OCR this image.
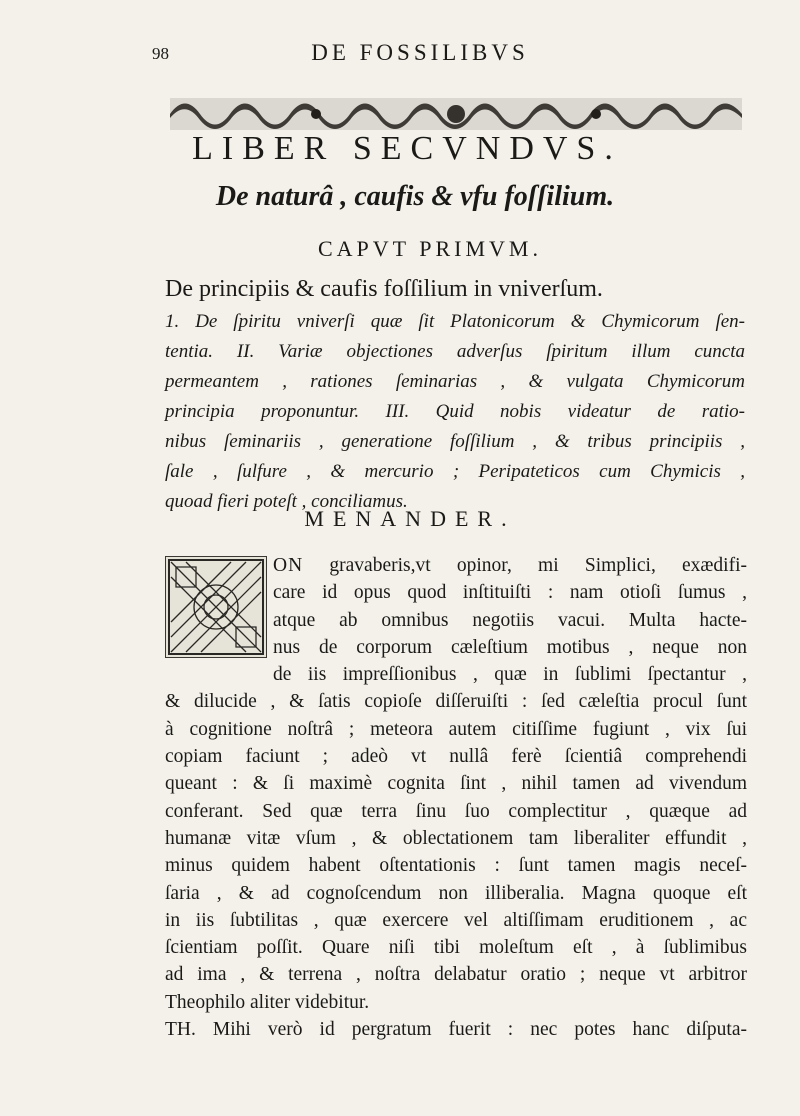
98	DE FOSSILIBVS
LIBER SECVNDVS.
De naturâ , caufis & vfu foſſilium.
CAPVT PRIMVM.
De principiis & caufis foſſilium in vniverſum.

1. De ſpiritu vniverſi quæ ſit Platonicorum & Chymicorum ſen-

tentia. II. Variæ objectiones adverſus ſpiritum illum cuncta

permeantem , rationes ſeminarias , & vulgata Chymicorum

principia proponuntur. III. Quid nobis videatur de ratio-

nibus ſeminariis , generatione foſſilium , & tribus principiis ,

ſale , ſulfure , & mercurio ; Peripateticos cum Chymicis ,

quoad fieri poteſt , conciliamus.

MENANDER.
ON gravaberis,vt opinor, mi Simplici, exædifi-
care id opus quod inſtituiſti : nam otioſi ſumus ,
atque ab omnibus negotiis vacui. Multa hacte-
nus de corporum cæleſtium motibus , neque non
de iis impreſſionibus , quæ in ſublimi ſpectantur ,
& dilucide , & ſatis copioſe diſſeruiſti : ſed cæleſtia procul ſunt
à cognitione noſtrâ ; meteora autem citiſſime fugiunt , vix ſui
copiam faciunt ; adeò vt nullâ ferè ſcientiâ comprehendi
queant : & ſi maximè cognita ſint , nihil tamen ad vivendum
conferant. Sed quæ terra ſinu ſuo complectitur , quæque ad
humanæ vitæ vſum , & oblectationem tam liberaliter effundit ,
minus quidem habent oſtentationis : ſunt tamen magis neceſ-
ſaria , & ad cognoſcendum non illiberalia. Magna quoque eſt
in iis ſubtilitas , quæ exercere vel altiſſimam eruditionem , ac
ſcientiam poſſit. Quare niſi tibi moleſtum eſt , à ſublimibus
ad ima , & terrena , noſtra delabatur oratio ; neque vt arbitror
Theophilo aliter videbitur.
TH. Mihi verò id pergratum fuerit : nec potes hanc diſputa-
